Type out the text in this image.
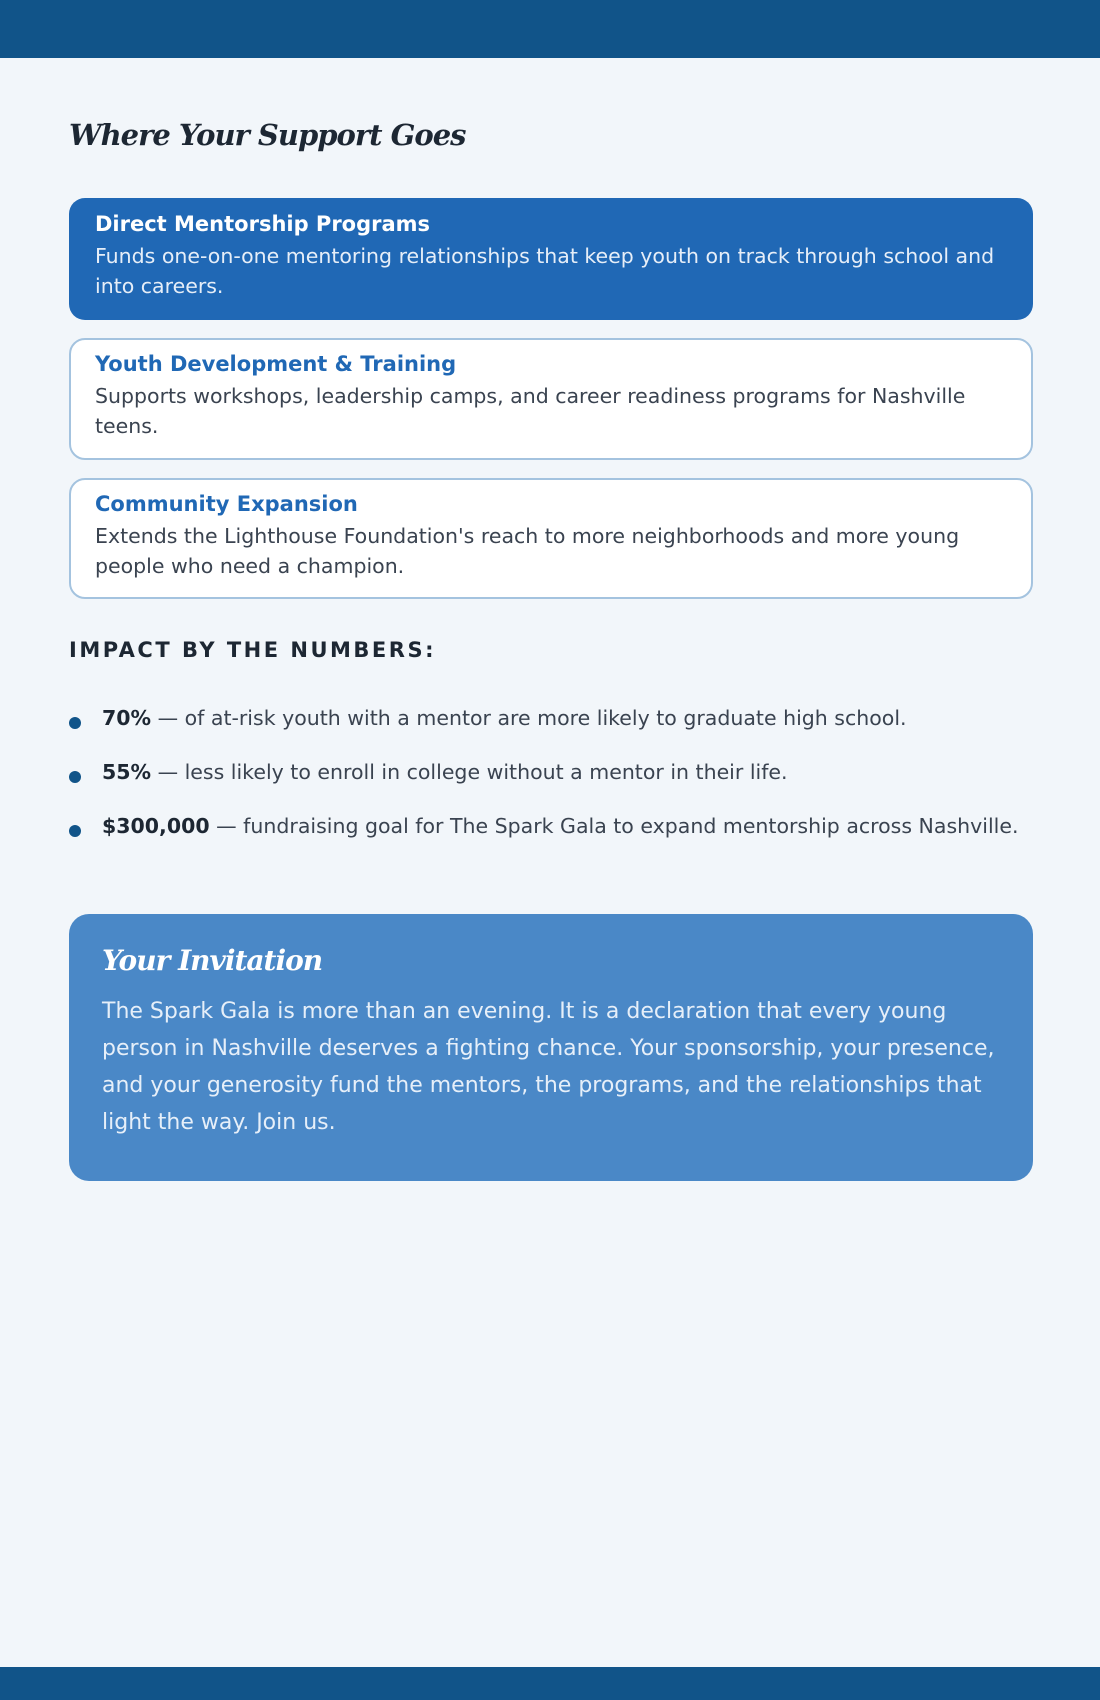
Where Your Support Goes

Direct Mentorship Programs

Funds one-on-one mentoring relationships that keep youth on track through school and into careers.

Youth Development & Training

Supports workshops, leadership camps, and career readiness programs for Nashville teens.

Community Expansion

Extends the Lighthouse Foundation's reach to more neighborhoods and more young people who need a champion.

IMPACT BY THE NUMBERS:
70% — of at-risk youth with a mentor are more likely to graduate high school.
55% — less likely to enroll in college without a mentor in their life.
$300,000 — fundraising goal for The Spark Gala to expand mentorship across Nashville.
Your Invitation

The Spark Gala is more than an evening. It is a declaration that every young person in Nashville deserves a fighting chance. Your sponsorship, your presence, and your generosity fund the mentors, the programs, and the relationships that light the way. Join us.
